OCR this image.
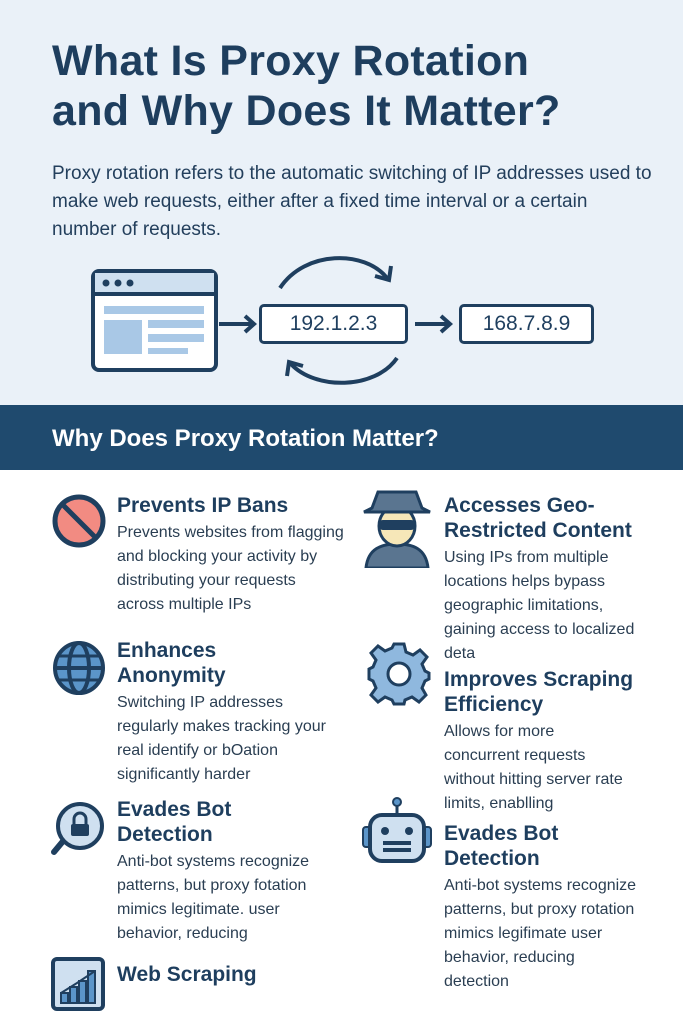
What Is Proxy Rotation
and Why Does It Matter?
Proxy rotation refers to the automatic switching of IP addresses used to make web requests, either after a fixed time interval or a certain number of requests.
192.1.2.3	168.7.8.9
Why Does Proxy Rotation Matter?
Prevents IP Bans

Prevents websites from flagging and blocking your activity by distributing your requests across multiple IPs

Accesses Geo-Restricted Content

Using IPs from multiple locations helps bypass geographic limitations, gaining access to localized deta

Enhances Anonymity

Switching IP addresses regularly makes tracking your real identify or bOation significantly harder

Improves Scraping Efficiency

Allows for more concurrent requests without hitting server rate limits, enablling

Evades Bot Detection

Anti-bot systems recognize patterns, but proxy fotation mimics legitimate. user behavior, reducing

Evades Bot Detection

Anti-bot systems recognize patterns, but proxy rotation mimics legifimate user behavior, reducing detection

Web Scraping
